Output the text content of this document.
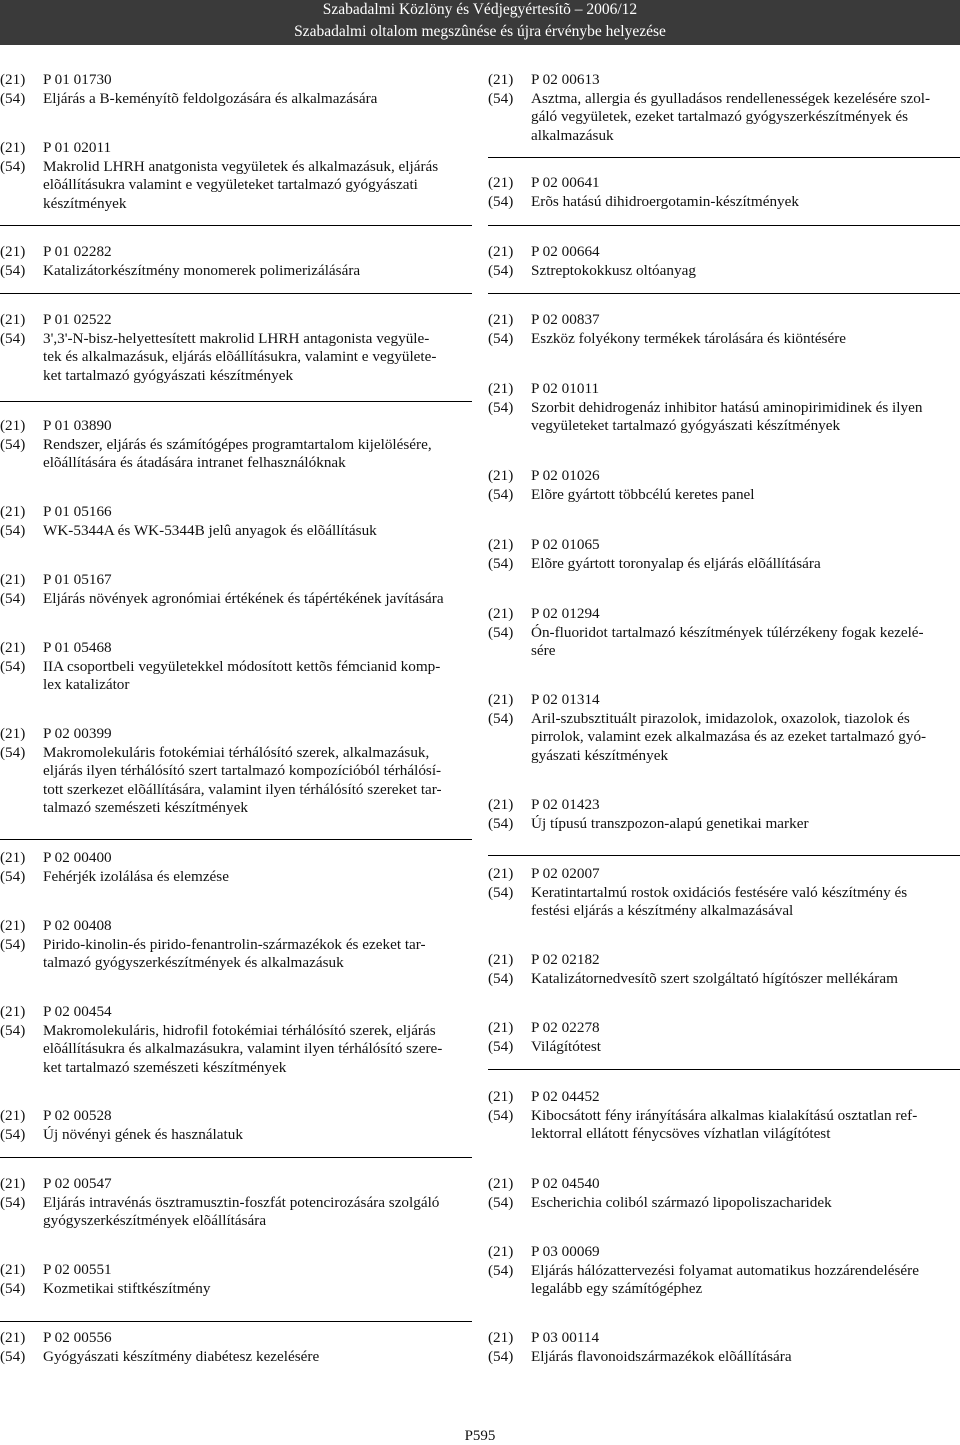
Szabadalmi Közlöny és Védjegyértesítõ – 2006/12
Szabadalmi oltalom megszûnése és újra érvénybe helyezése
(21) P 01 01730
(54) Eljárás a B-keményítõ feldolgozására és alkalmazására
(21) P 01 02011
(54) Makrolid LHRH anatgonista vegyületek és alkalmazásuk, eljárás
elõállításukra valamint e vegyületeket tartalmazó gyógyászati
készítmények
(21) P 01 02282
(54) Katalizátorkészítmény monomerek polimerizálására
(21) P 01 02522
(54) 3',3'-N-bisz-helyettesített makrolid LHRH antagonista vegyüle-
tek és alkalmazásuk, eljárás elõállításukra, valamint e vegyülete-
ket tartalmazó gyógyászati készítmények
(21) P 01 03890
(54) Rendszer, eljárás és számítógépes programtartalom kijelölésére,
elõállítására és átadására intranet felhasználóknak
(21) P 01 05166
(54) WK-5344A és WK-5344B jelû anyagok és elõállításuk
(21) P 01 05167
(54) Eljárás növények agronómiai értékének és tápértékének javítására
(21) P 01 05468
(54) IIA csoportbeli vegyületekkel módosított kettõs fémcianid komp-
lex katalizátor
(21) P 02 00399
(54) Makromolekuláris fotokémiai térhálósító szerek, alkalmazásuk,
eljárás ilyen térhálósító szert tartalmazó kompozícióból térhálósí-
tott szerkezet elõállítására, valamint ilyen térhálósító szereket tar-
talmazó szemészeti készítmények
(21) P 02 00400
(54) Fehérjék izolálása és elemzése
(21) P 02 00408
(54) Pirido-kinolin-és pirido-fenantrolin-származékok és ezeket tar-
talmazó gyógyszerkészítmények és alkalmazásuk
(21) P 02 00454
(54) Makromolekuláris, hidrofil fotokémiai térhálósító szerek, eljárás
elõállításukra és alkalmazásukra, valamint ilyen térhálósító szere-
ket tartalmazó szemészeti készítmények
(21) P 02 00528
(54) Új növényi gének és használatuk
(21) P 02 00547
(54) Eljárás intravénás ösztramusztin-foszfát potencirozására szolgáló
gyógyszerkészítmények elõállítására
(21) P 02 00551
(54) Kozmetikai stiftkészítmény
(21) P 02 00556
(54) Gyógyászati készítmény diabétesz kezelésére
(21) P 02 00613
(54) Asztma, allergia és gyulladásos rendellenességek kezelésére szol-
gáló vegyületek, ezeket tartalmazó gyógyszerkészítmények és
alkalmazásuk
(21) P 02 00641
(54) Erõs hatású dihidroergotamin-készítmények
(21) P 02 00664
(54) Sztreptokokkusz oltóanyag
(21) P 02 00837
(54) Eszköz folyékony termékek tárolására és kiöntésére
(21) P 02 01011
(54) Szorbit dehidrogenáz inhibitor hatású aminopirimidinek és ilyen
vegyületeket tartalmazó gyógyászati készítmények
(21) P 02 01026
(54) Elõre gyártott többcélú keretes panel
(21) P 02 01065
(54) Elõre gyártott toronyalap és eljárás elõállítására
(21) P 02 01294
(54) Ón-fluoridot tartalmazó készítmények túlérzékeny fogak kezelé-
sére
(21) P 02 01314
(54) Aril-szubsztituált pirazolok, imidazolok, oxazolok, tiazolok és
pirrolok, valamint ezek alkalmazása és az ezeket tartalmazó gyó-
gyászati készítmények
(21) P 02 01423
(54) Új típusú transzpozon-alapú genetikai marker
(21) P 02 02007
(54) Keratintartalmú rostok oxidációs festésére való készítmény és
festési eljárás a készítmény alkalmazásával
(21) P 02 02182
(54) Katalizátornedvesítõ szert szolgáltató hígítószer mellékáram
(21) P 02 02278
(54) Világítótest
(21) P 02 04452
(54) Kibocsátott fény irányítására alkalmas kialakítású osztatlan ref-
lektorral ellátott fénycsöves vízhatlan világítótest
(21) P 02 04540
(54) Escherichia coliból származó lipopoliszacharidek
(21) P 03 00069
(54) Eljárás hálózattervezési folyamat automatikus hozzárendelésére
legalább egy számítógéphez
(21) P 03 00114
(54) Eljárás flavonoidszármazékok elõállítására
P595
